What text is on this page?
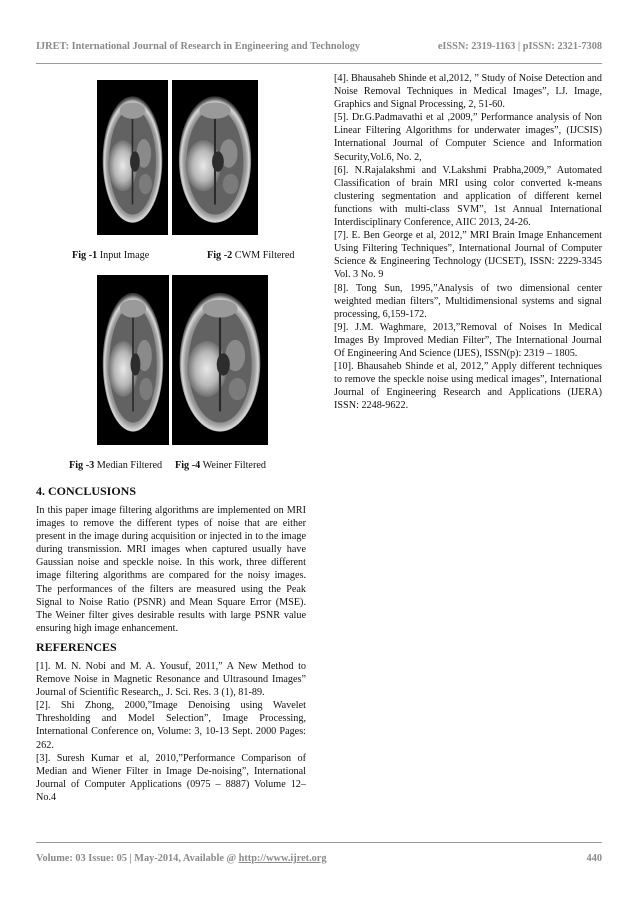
IJRET: International Journal of Research in Engineering and Technology	eISSN: 2319-1163 | pISSN: 2321-7308
Fig -1 Input Image	Fig -2 CWM Filtered
Fig -3 Median Filtered Fig -4 Weiner Filtered
4. CONCLUSIONS
In this paper image filtering algorithms are implemented on MRI images to remove the different types of noise that are either present in the image during acquisition or injected in to the image during transmission. MRI images when captured usually have Gaussian noise and speckle noise. In this work, three different image filtering algorithms are compared for the noisy images. The performances of the filters are measured using the Peak Signal to Noise Ratio (PSNR) and Mean Square Error (MSE). The Weiner filter gives desirable results with large PSNR value ensuring high image enhancement.
REFERENCES

[1]. M. N. Nobi and M. A. Yousuf, 2011,” A New Method to Remove Noise in Magnetic Resonance and Ultrasound Images” Journal of Scientific Research,, J. Sci. Res. 3 (1), 81-89.

[2]. Shi Zhong, 2000,”Image Denoising using Wavelet Thresholding and Model Selection”, Image Processing, International Conference on, Volume: 3, 10-13 Sept. 2000 Pages: 262.

[3]. Suresh Kumar et al, 2010,”Performance Comparison of Median and Wiener Filter in Image De-noising”, International Journal of Computer Applications (0975 – 8887) Volume 12– No.4

[4]. Bhausaheb Shinde et al,2012, ” Study of Noise Detection and Noise Removal Techniques in Medical Images”, I.J. Image, Graphics and Signal Processing, 2, 51-60.

[5]. Dr.G.Padmavathi et al ,2009,” Performance analysis of Non Linear Filtering Algorithms for underwater images”, (IJCSIS) International Journal of Computer Science and Information Security,Vol.6, No. 2,

[6]. N.Rajalakshmi and V.Lakshmi Prabha,2009,” Automated Classification of brain MRI using color converted k-means clustering segmentation and application of different kernel functions with multi-class SVM”, 1st Annual International Interdisciplinary Conference, AIIC 2013, 24-26.

[7]. E. Ben George et al, 2012,” MRI Brain Image Enhancement Using Filtering Techniques”, International Journal of Computer Science & Engineering Technology (IJCSET), ISSN: 2229-3345 Vol. 3 No. 9

[8]. Tong Sun, 1995,”Analysis of two dimensional center weighted median filters”, Multidimensional systems and signal processing, 6,159-172.

[9]. J.M. Waghmare, 2013,”Removal of Noises In Medical Images By Improved Median Filter”, The International Journal Of Engineering And Science (IJES), ISSN(p): 2319 – 1805.

[10]. Bhausaheb Shinde et al, 2012,” Apply different techniques to remove the speckle noise using medical images”, International Journal of Engineering Research and Applications (IJERA) ISSN: 2248-9622.

Volume: 03 Issue: 05 | May-2014, Available @ http://www.ijret.org	440
